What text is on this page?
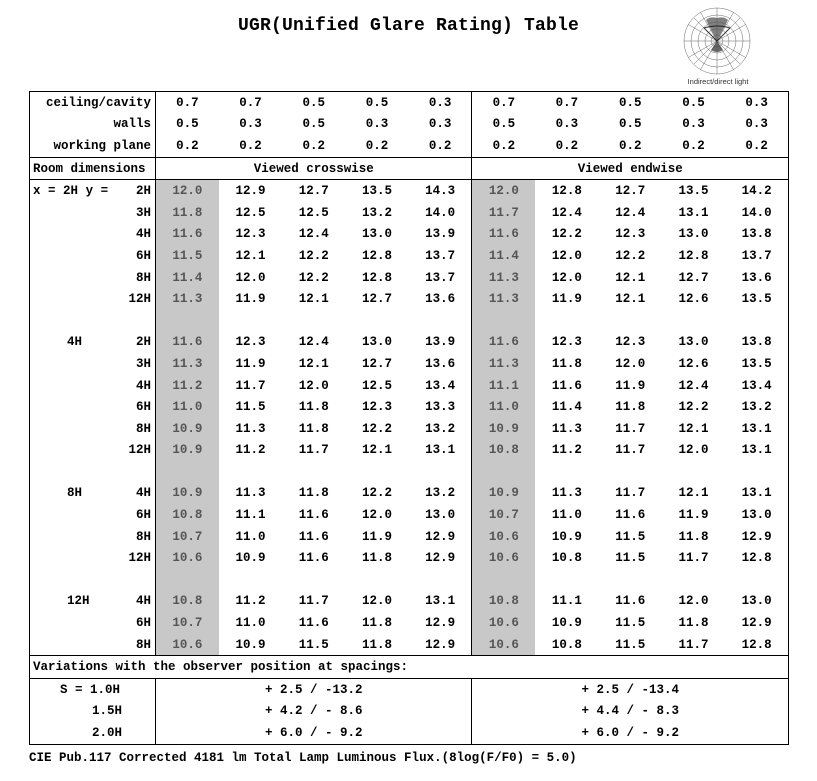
UGR(Unified Glare Rating) Table
Indirect/direct light
ceiling/cavity	0.7	0.7	0.5	0.5	0.3	0.7	0.7	0.5	0.5	0.3
walls	0.5	0.3	0.5	0.3	0.3	0.5	0.3	0.5	0.3	0.3
working plane	0.2	0.2	0.2	0.2	0.2	0.2	0.2	0.2	0.2	0.2
Room dimensions	Viewed crosswise					Viewed endwise				

x = 2H y = 2H	12.0	12.9	12.7	13.5	14.3	12.0	12.8	12.7	13.5	14.2

3H	11.8	12.5	12.5	13.2	14.0	11.7	12.4	12.4	13.1	14.0

4H	11.6	12.3	12.4	13.0	13.9	11.6	12.2	12.3	13.0	13.8

6H	11.5	12.1	12.2	12.8	13.7	11.4	12.0	12.2	12.8	13.7

8H	11.4	12.0	12.2	12.8	13.7	11.3	12.0	12.1	12.7	13.6

12H	11.3	11.9	12.1	12.7	13.6	11.3	11.9	12.1	12.6	13.5

4H 2H	11.6	12.3	12.4	13.0	13.9	11.6	12.3	12.3	13.0	13.8

3H	11.3	11.9	12.1	12.7	13.6	11.3	11.8	12.0	12.6	13.5

4H	11.2	11.7	12.0	12.5	13.4	11.1	11.6	11.9	12.4	13.4

6H	11.0	11.5	11.8	12.3	13.3	11.0	11.4	11.8	12.2	13.2

8H	10.9	11.3	11.8	12.2	13.2	10.9	11.3	11.7	12.1	13.1

12H	10.9	11.2	11.7	12.1	13.1	10.8	11.2	11.7	12.0	13.1

8H 4H	10.9	11.3	11.8	12.2	13.2	10.9	11.3	11.7	12.1	13.1

6H	10.8	11.1	11.6	12.0	13.0	10.7	11.0	11.6	11.9	13.0

8H	10.7	11.0	11.6	11.9	12.9	10.6	10.9	11.5	11.8	12.9

12H	10.6	10.9	11.6	11.8	12.9	10.6	10.8	11.5	11.7	12.8

12H 4H	10.8	11.2	11.7	12.0	13.1	10.8	11.1	11.6	12.0	13.0

6H	10.7	11.0	11.6	11.8	12.9	10.6	10.9	11.5	11.8	12.9

8H	10.6	10.9	11.5	11.8	12.9	10.6	10.8	11.5	11.7	12.8
Variations with the observer position at spacings:										
S = 1.0H	+ 2.5 / -13.2					+ 2.5 / -13.4				
1.5H	+ 4.2 / - 8.6					+ 4.4 / - 8.3				
2.0H	+ 6.0 / - 9.2					+ 6.0 / - 9.2				
CIE Pub.117 Corrected 4181 lm Total Lamp Luminous Flux.(8log(F/F0) = 5.0)
